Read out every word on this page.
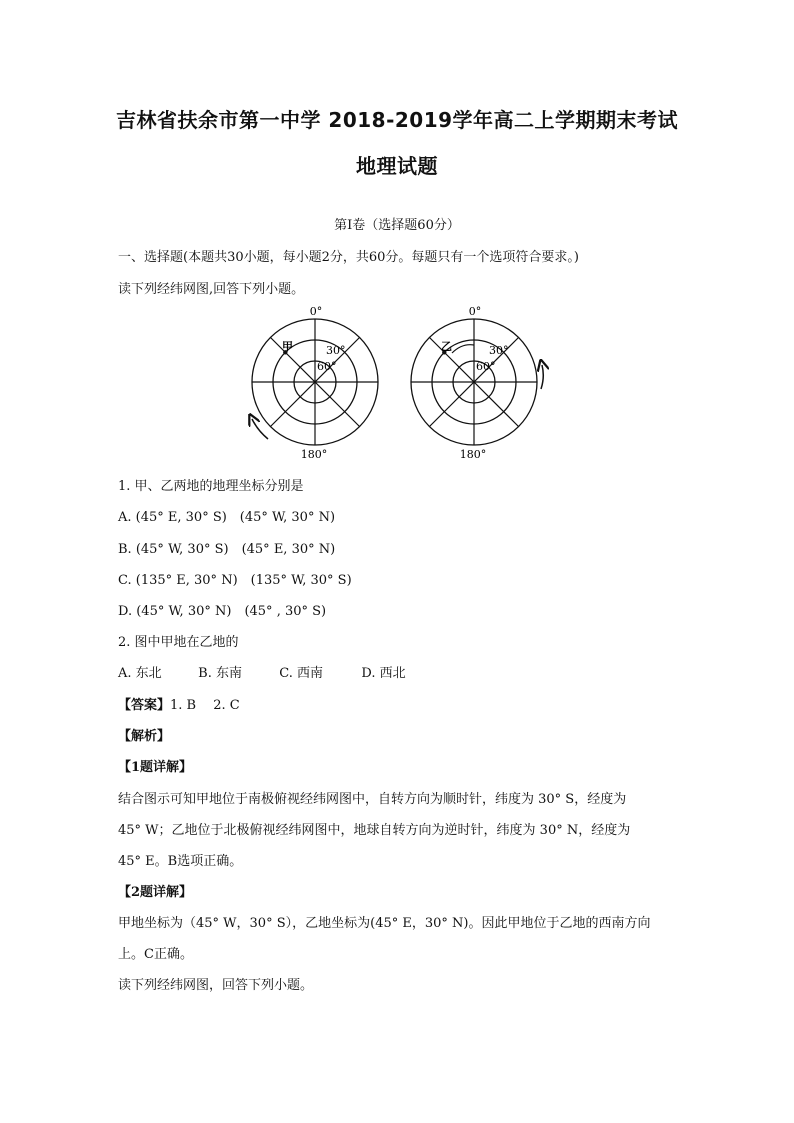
吉林省扶余市第一中学 2018-2019学年高二上学期期末考试
地理试题
第Ⅰ卷（选择题60分）
一、选择题(本题共30小题，每小题2分，共60分。每题只有一个选项符合要求。)
读下列经纬网图,回答下列小题。
0°
180°
30°
60°
甲
0°
180°
30°
60°
乙
1. 甲、乙两地的地理坐标分别是
A. (45° E, 30° S)　(45° W, 30° N)
B. (45° W, 30° S)　(45° E, 30° N)
C. (135° E, 30° N)　(135° W, 30° S)
D. (45° W, 30° N)　(45° , 30° S)
2. 图中甲地在乙地的
A. 东北	B. 东南	C. 西南	D. 西北
【答案】1. B　 2. C
【解析】
【1题详解】
结合图示可知甲地位于南极俯视经纬网图中，自转方向为顺时针，纬度为 30° S，经度为
45° W；乙地位于北极俯视经纬网图中，地球自转方向为逆时针，纬度为 30° N，经度为
45° E。B选项正确。
【2题详解】
甲地坐标为（45° W，30° S），乙地坐标为(45° E，30° N)。因此甲地位于乙地的西南方向
上。C正确。
读下列经纬网图，回答下列小题。
